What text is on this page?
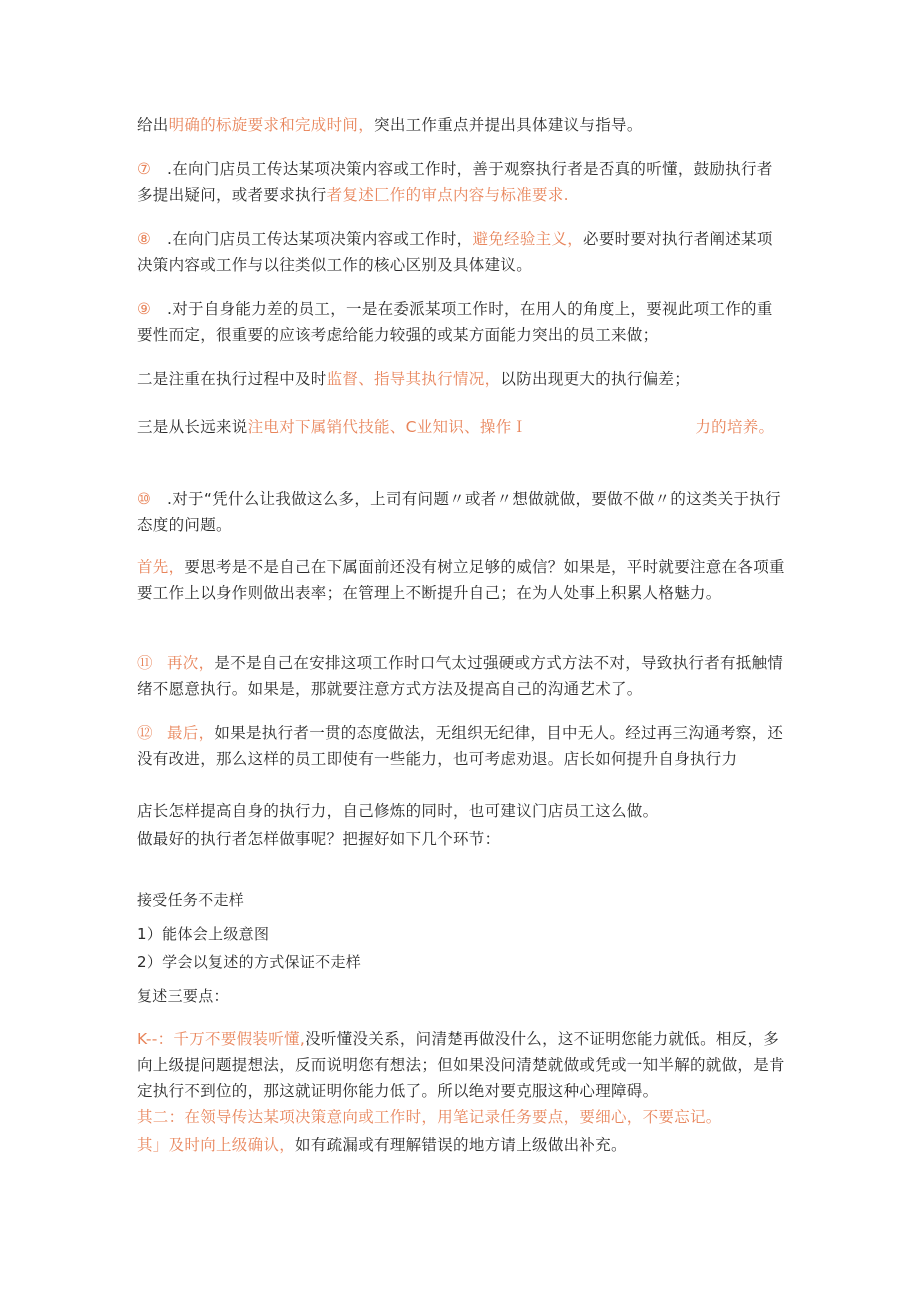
给出明确的标旋要求和完成时间，突出工作重点并提出具体建议与指导。

⑦ .在向门店员工传达某项决策内容或工作时，善于观察执行者是否真的听懂，鼓励执行者多提出疑问，或者要求执行者复述匚作的审点内容与标准要求.

⑧ .在向门店员工传达某项决策内容或工作时，避免经验主义，必要时要对执行者阐述某项决策内容或工作与以往类似工作的核心区别及具体建议。

⑨ .对于自身能力差的员工，一是在委派某项工作时，在用人的角度上，要视此项工作的重要性而定，很重要的应该考虑给能力较强的或某方面能力突出的员工来做；

二是注重在执行过程中及时监督、指导其执行情况，以防出现更大的执行偏差；

三是从长远来说注电对下属销代技能、C业知识、操作Ｉ	力的培养。

⑩ .对于“凭什么让我做这么多，上司有问题〃或者〃想做就做，要做不做〃的这类关于执行态度的问题。

首先，要思考是不是自己在下属面前还没有树立足够的威信？如果是，平时就要注意在各项重要工作上以身作则做出表率；在管理上不断提升自己；在为人处事上积累人格魅力。

⑪ 再次，是不是自己在安排这项工作时口气太过强硬或方式方法不对，导致执行者有抵触情绪不愿意执行。如果是，那就要注意方式方法及提高自己的沟通艺术了。

⑫ 最后，如果是执行者一贯的态度做法，无组织无纪律，目中无人。经过再三沟通考察，还没有改进，那么这样的员工即使有一些能力，也可考虑劝退。店长如何提升自身执行力

店长怎样提高自身的执行力，自己修炼的同时，也可建议门店员工这么做。

做最好的执行者怎样做事呢？把握好如下几个环节：

接受任务不走样

1）能体会上级意图

2）学会以复述的方式保证不走样

复述三要点：

K--：千万不要假装听懂,没听懂没关系，问清楚再做没什么，这不证明您能力就低。相反，多向上级提问题提想法，反而说明您有想法；但如果没问清楚就做或凭或一知半解的就做，是肯定执行不到位的，那这就证明你能力低了。所以绝对要克服这种心理障碍。

其二：在领导传达某项决策意向或工作时，用笔记录任务要点，要细心，不要忘记。

其」及时向上级确认，如有疏漏或有理解错误的地方请上级做出补充。
